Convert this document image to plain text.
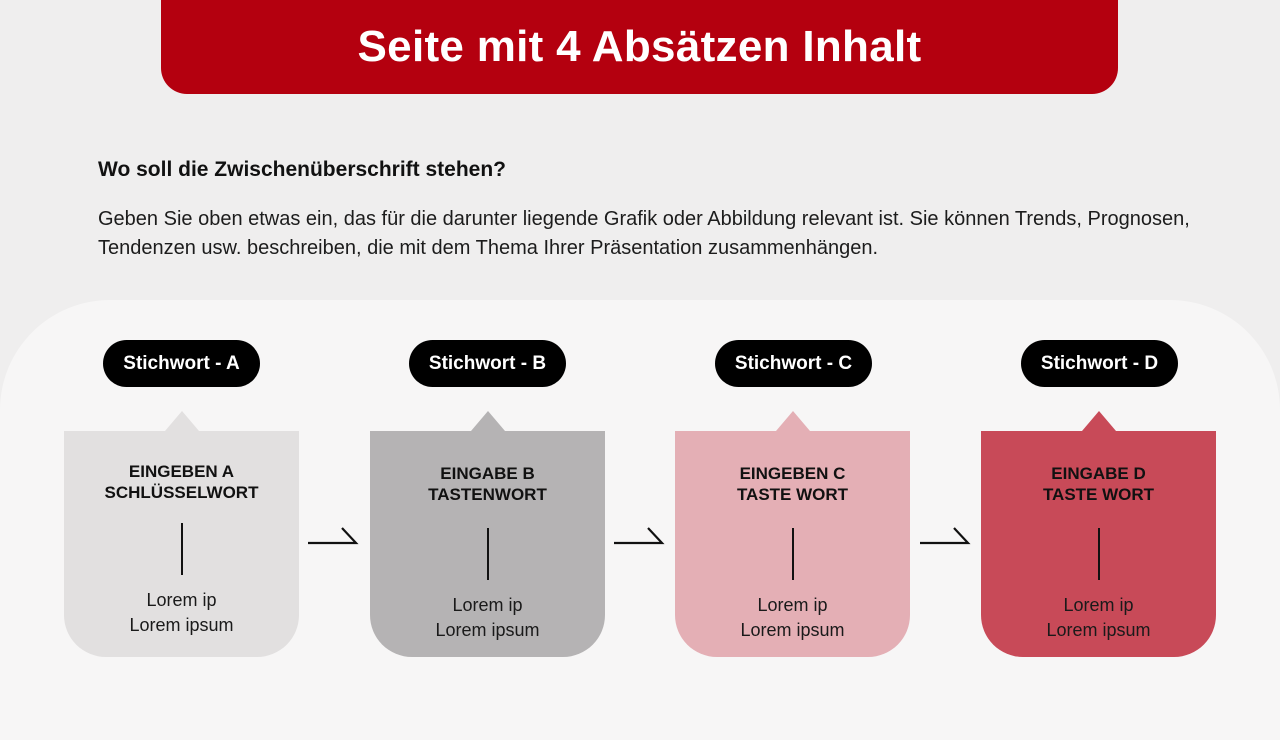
Seite mit 4 Absätzen Inhalt

Wo soll die Zwischenüberschrift stehen?

Geben Sie oben etwas ein, das für die darunter liegende Grafik oder Abbildung relevant ist. Sie können Trends, Prognosen, Tendenzen usw. beschreiben, die mit dem Thema Ihrer Präsentation zusammenhängen.

Stichwort - A	Stichwort - B	Stichwort - C	Stichwort - D
EINGEBEN A
SCHLÜSSELWORT
Lorem ip
Lorem ipsum
EINGABE B
TASTENWORT
Lorem ip
Lorem ipsum
EINGEBEN C
TASTE WORT
Lorem ip
Lorem ipsum
EINGABE D
TASTE WORT
Lorem ip
Lorem ipsum
